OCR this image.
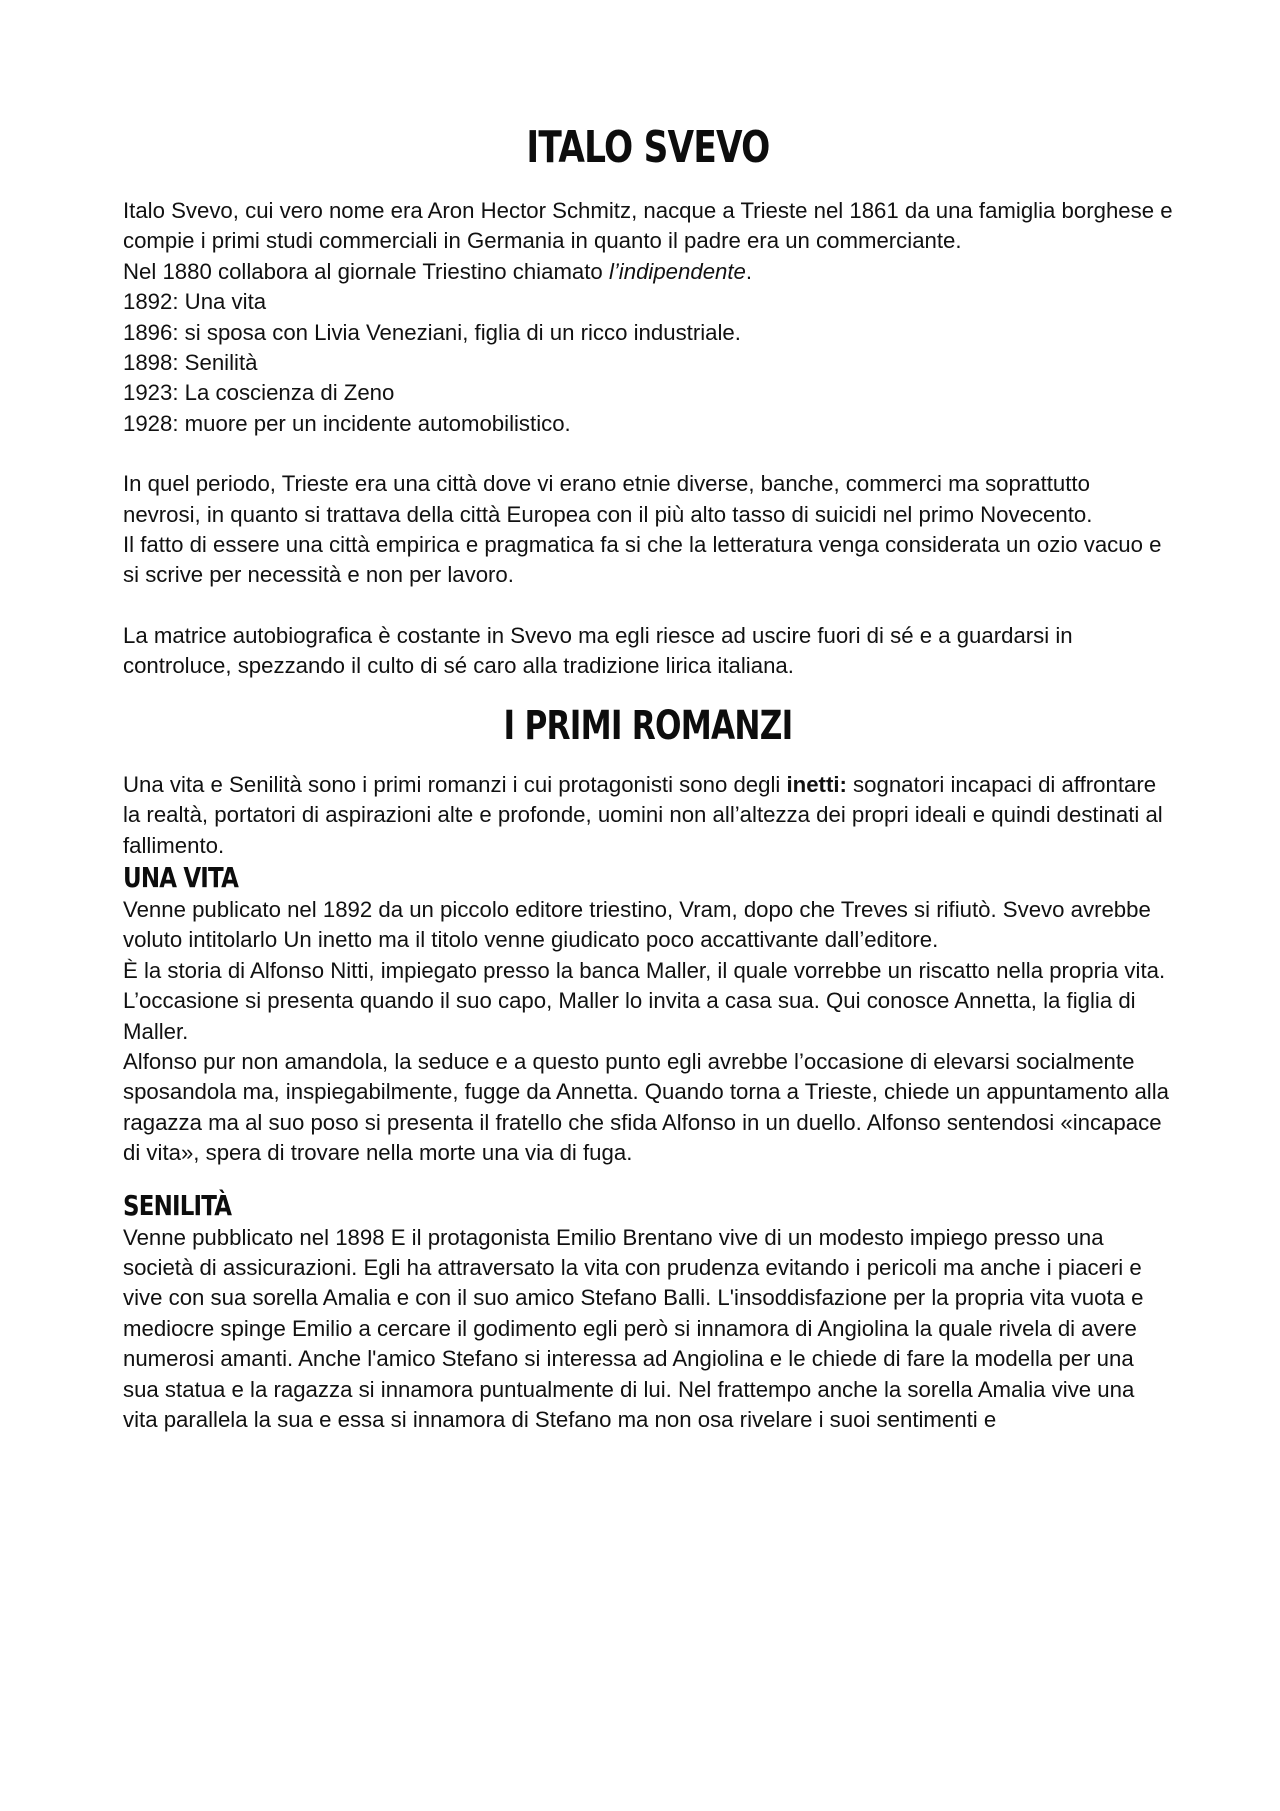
ITALO SVEVO

Italo Svevo, cui vero nome era Aron Hector Schmitz, nacque a Trieste nel 1861 da una famiglia borghese e compie i primi studi commerciali in Germania in quanto il padre era un commerciante.

Nel 1880 collabora al giornale Triestino chiamato l’indipendente.

1892: Una vita

1896: si sposa con Livia Veneziani, figlia di un ricco industriale.

1898: Senilità

1923: La coscienza di Zeno

1928: muore per un incidente automobilistico.

In quel periodo, Trieste era una città dove vi erano etnie diverse, banche, commerci ma soprattutto nevrosi, in quanto si trattava della città Europea con il più alto tasso di suicidi nel primo Novecento.

Il fatto di essere una città empirica e pragmatica fa si che la letteratura venga considerata un ozio vacuo e si scrive per necessità e non per lavoro.

La matrice autobiografica è costante in Svevo ma egli riesce ad uscire fuori di sé e a guardarsi in controluce, spezzando il culto di sé caro alla tradizione lirica italiana.

I PRIMI ROMANZI

Una vita e Senilità sono i primi romanzi i cui protagonisti sono degli inetti: sognatori incapaci di affrontare la realtà, portatori di aspirazioni alte e profonde, uomini non all’altezza dei propri ideali e quindi destinati al fallimento.

UNA VITA

Venne publicato nel 1892 da un piccolo editore triestino, Vram, dopo che Treves si rifiutò. Svevo avrebbe voluto intitolarlo Un inetto ma il titolo venne giudicato poco accattivante dall’editore.

È la storia di Alfonso Nitti, impiegato presso la banca Maller, il quale vorrebbe un riscatto nella propria vita. L’occasione si presenta quando il suo capo, Maller lo invita a casa sua. Qui conosce Annetta, la figlia di Maller.

Alfonso pur non amandola, la seduce e a questo punto egli avrebbe l’occasione di elevarsi socialmente sposandola ma, inspiegabilmente, fugge da Annetta. Quando torna a Trieste, chiede un appuntamento alla ragazza ma al suo poso si presenta il fratello che sfida Alfonso in un duello. Alfonso sentendosi «incapace di vita», spera di trovare nella morte una via di fuga.

SENILITÀ

Venne pubblicato nel 1898 E il protagonista Emilio Brentano vive di un modesto impiego presso una società di assicurazioni. Egli ha attraversato la vita con prudenza evitando i pericoli ma anche i piaceri e vive con sua sorella Amalia e con il suo amico Stefano Balli. L'insoddisfazione per la propria vita vuota e mediocre spinge Emilio a cercare il godimento egli però si innamora di Angiolina la quale rivela di avere numerosi amanti. Anche l'amico Stefano si interessa ad Angiolina e le chiede di fare la modella per una sua statua e la ragazza si innamora puntualmente di lui. Nel frattempo anche la sorella Amalia vive una vita parallela la sua e essa si innamora di Stefano ma non osa rivelare i suoi sentimenti e
